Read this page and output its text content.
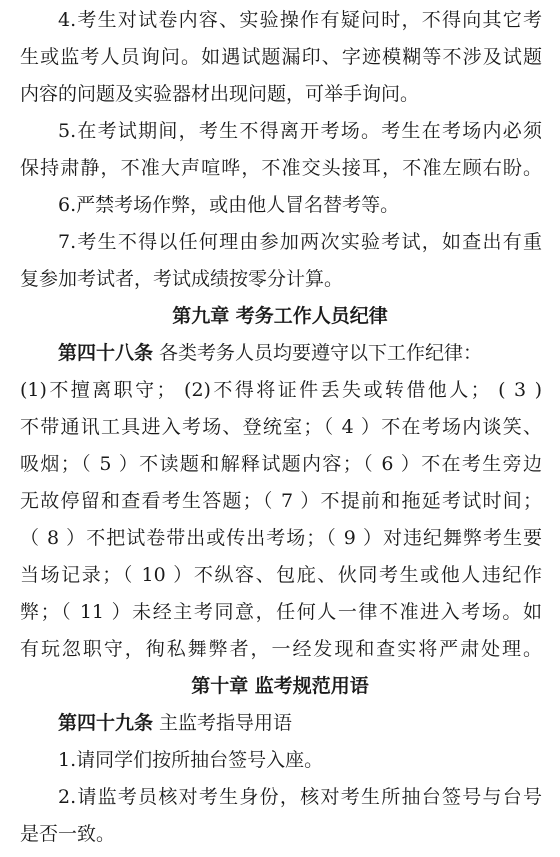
4.考生对试卷内容、实验操作有疑问时，不得向其它考
生或监考人员询问。如遇试题漏印、字迹模糊等不涉及试题
内容的问题及实验器材出现问题，可举手询问。
5.在考试期间，考生不得离开考场。考生在考场内必须
保持肃静，不准大声喧哗，不准交头接耳，不准左顾右盼。
6.严禁考场作弊，或由他人冒名替考等。
7.考生不得以任何理由参加两次实验考试，如查出有重
复参加考试者，考试成绩按零分计算。
第九章 考务工作人员纪律
第四十八条 各类考务人员均要遵守以下工作纪律：
(1)不擅离职守； (2)不得将证件丢失或转借他人； ( 3 )
不带通讯工具进入考场、登统室；（ 4 ）不在考场内谈笑、
吸烟；（ 5 ）不读题和解释试题内容；（ 6 ）不在考生旁边
无故停留和查看考生答题；（ 7 ）不提前和拖延考试时间；
（ 8 ）不把试卷带出或传出考场；（ 9 ）对违纪舞弊考生要
当场记录；（ 10 ）不纵容、包庇、伙同考生或他人违纪作
弊；（ 11 ）未经主考同意，任何人一律不准进入考场。如
有玩忽职守，徇私舞弊者，一经发现和查实将严肃处理。
第十章 监考规范用语
第四十九条 主监考指导用语
1.请同学们按所抽台签号入座。
2.请监考员核对考生身份，核对考生所抽台签号与台号
是否一致。
